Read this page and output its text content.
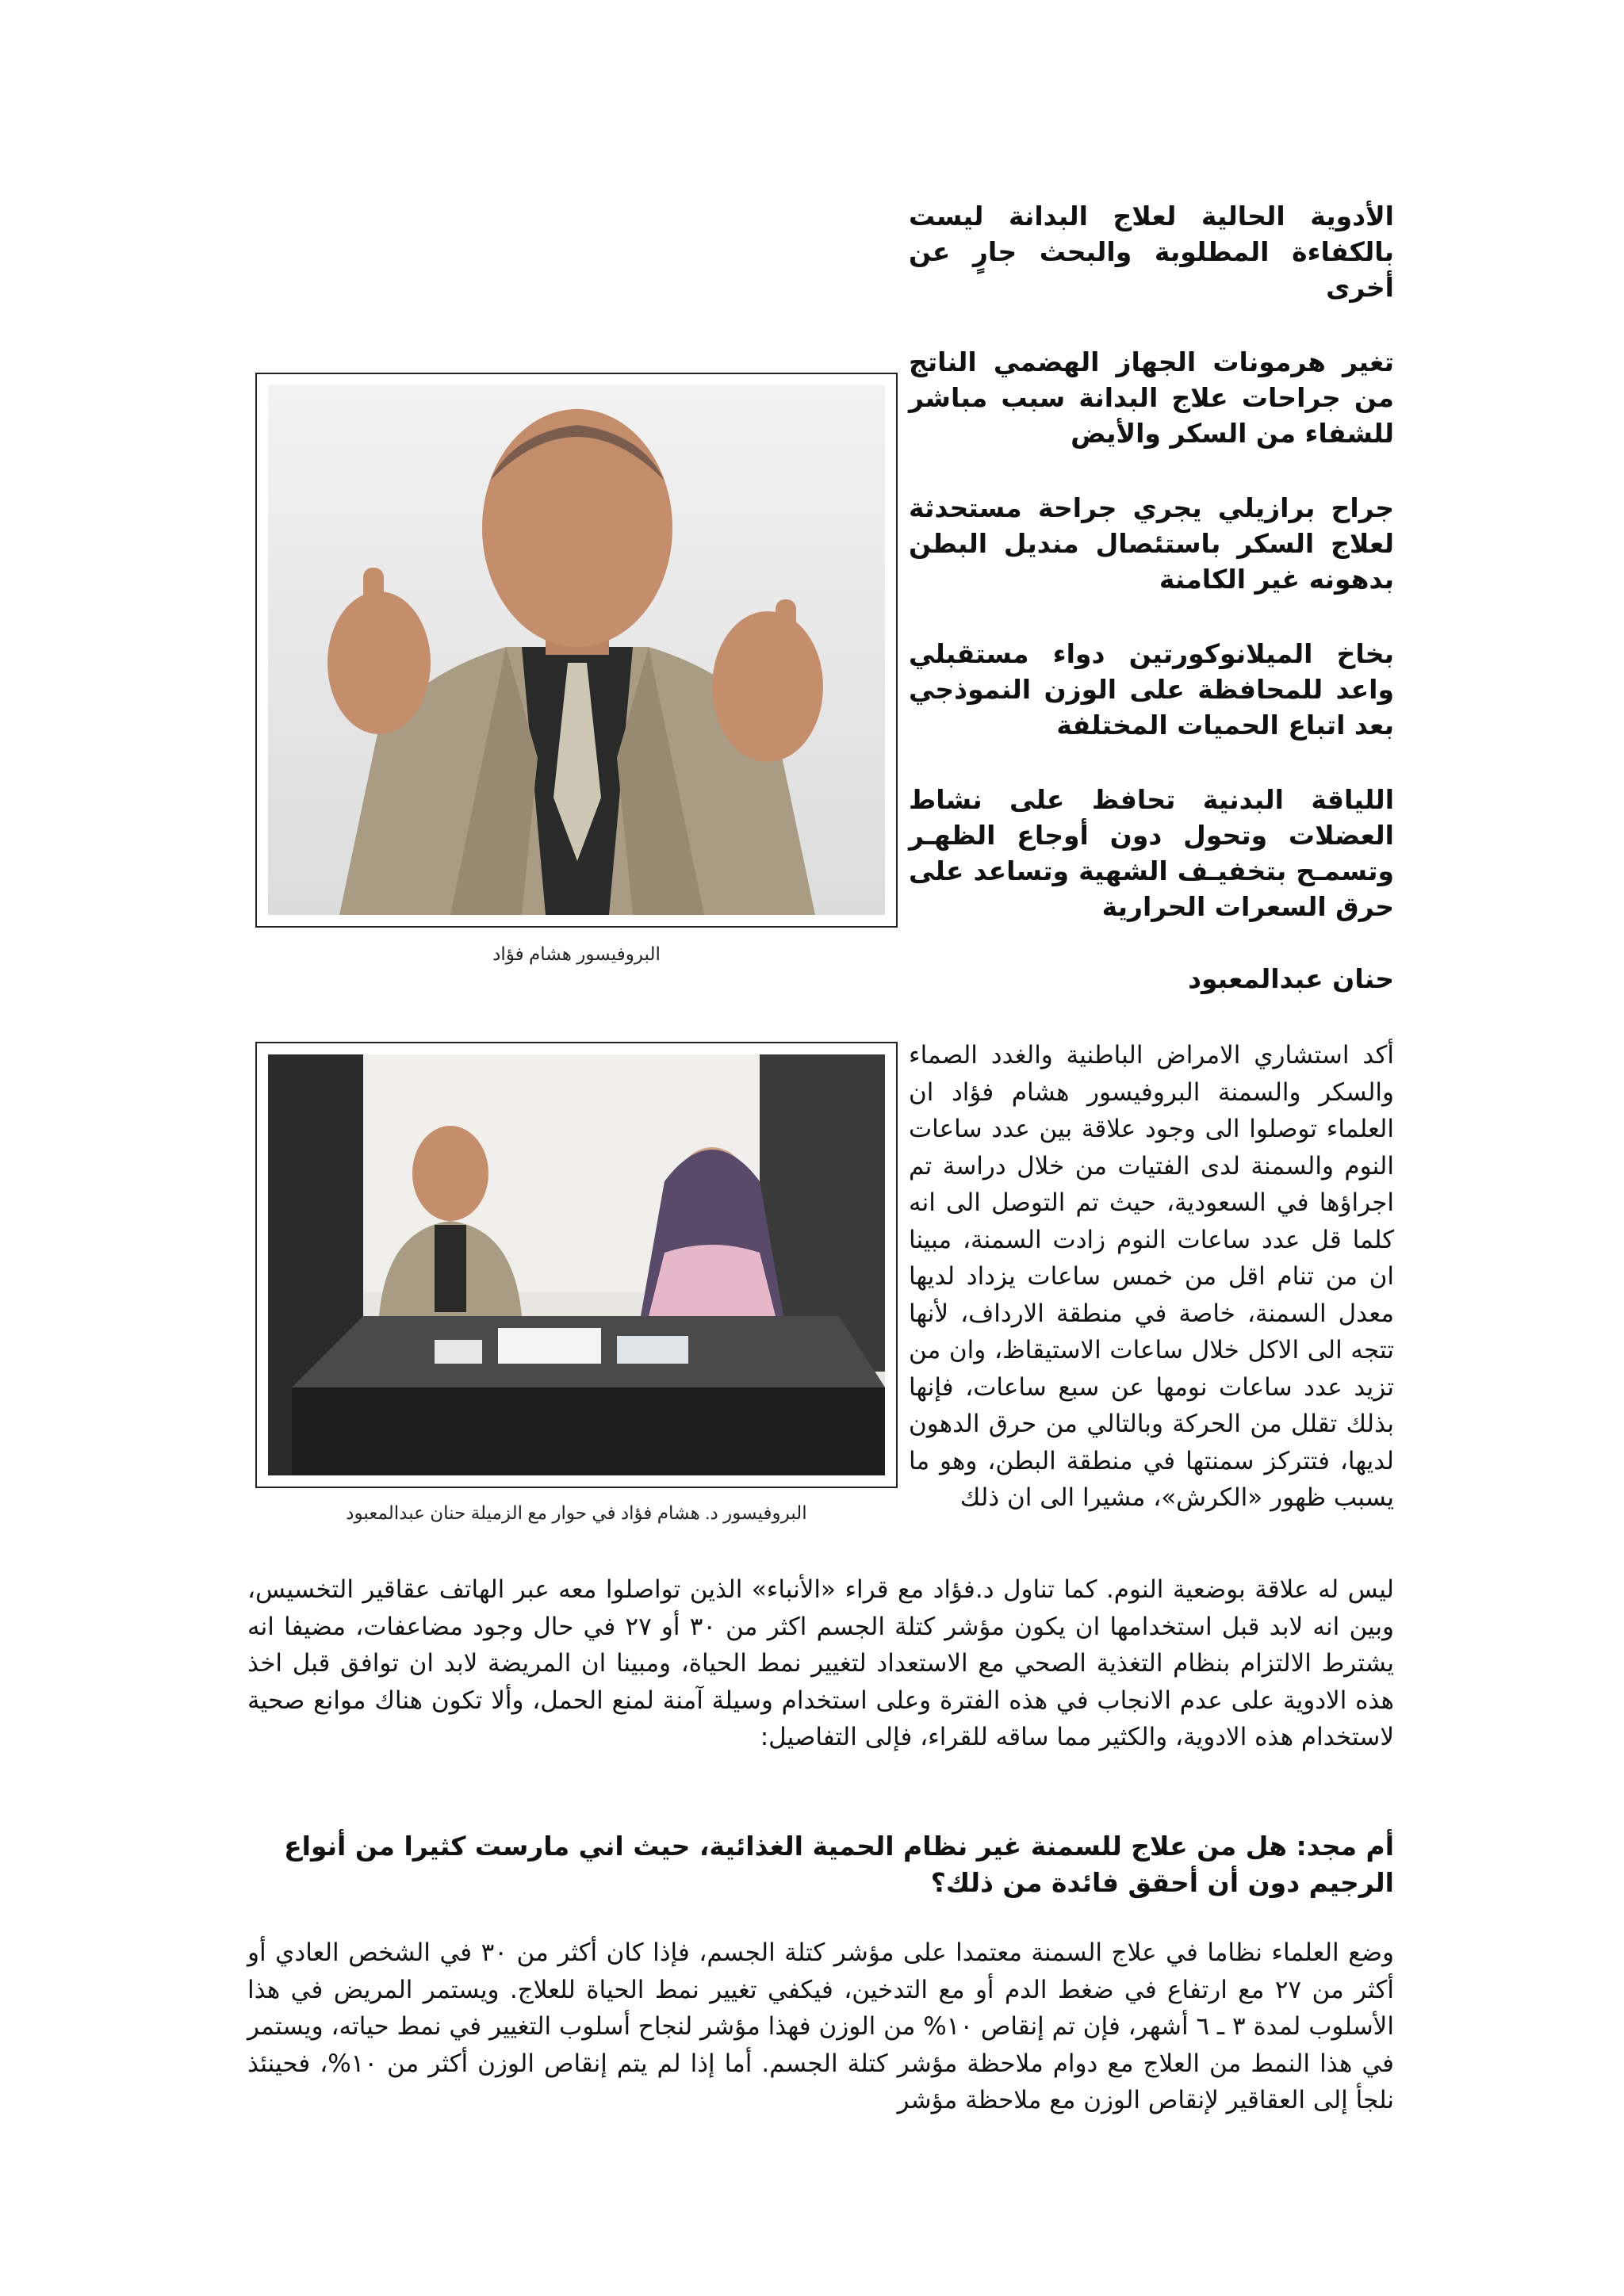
الأدوية الحالية لعلاج البدانة ليست بالكفاءة المطلوبة والبحث جارٍ عن أخرى

تغير هرمونات الجهاز الهضمي الناتج من جراحات علاج البدانة سبب مباشر للشفاء من السكر والأيض

جراح برازيلي يجري جراحة مستحدثة لعلاج السكر باستئصال منديل البطن بدهونه غير الكامنة

بخاخ الميلانوكورتين دواء مستقبلي واعد للمحافظة على الوزن النموذجي بعد اتباع الحميات المختلفة

اللياقة البدنية تحافظ على نشاط العضلات وتحول دون أوجاع الظهـر وتسمـح بتخفيـف الشهية وتساعد على حرق السعرات الحرارية

حنان عبدالمعبود
البروفيسور هشام فؤاد
البروفيسور د. هشام فؤاد في حوار مع الزميلة حنان عبدالمعبود
أكد استشاري الامراض الباطنية والغدد الصماء والسكر والسمنة البروفيسور هشام فؤاد ان العلماء توصلوا الى وجود علاقة بين عدد ساعات النوم والسمنة لدى الفتيات من خلال دراسة تم اجراؤها في السعودية، حيث تم التوصل الى انه كلما قل عدد ساعات النوم زادت السمنة، مبينا ان من تنام اقل من خمس ساعات يزداد لديها معدل السمنة، خاصة في منطقة الارداف، لأنها تتجه الى الاكل خلال ساعات الاستيقاظ، وان من تزيد عدد ساعات نومها عن سبع ساعات، فإنها بذلك تقلل من الحركة وبالتالي من حرق الدهون لديها، فتتركز سمنتها في منطقة البطن، وهو ما يسبب ظهور «الكرش»، مشيرا الى ان ذلك
ليس له علاقة بوضعية النوم. كما تناول د.فؤاد مع قراء «الأنباء» الذين تواصلوا معه عبر الهاتف عقاقير التخسيس، وبين انه لابد قبل استخدامها ان يكون مؤشر كتلة الجسم اكثر من ٣٠ أو ٢٧ في حال وجود مضاعفات، مضيفا انه يشترط الالتزام بنظام التغذية الصحي مع الاستعداد لتغيير نمط الحياة، ومبينا ان المريضة لابد ان توافق قبل اخذ هذه الادوية على عدم الانجاب في هذه الفترة وعلى استخدام وسيلة آمنة لمنع الحمل، وألا تكون هناك موانع صحية لاستخدام هذه الادوية، والكثير مما ساقه للقراء، فإلى التفاصيل:
أم مجد: هل من علاج للسمنة غير نظام الحمية الغذائية، حيث اني مارست كثيرا من أنواع الرجيم دون أن أحقق فائدة من ذلك؟
وضع العلماء نظاما في علاج السمنة معتمدا على مؤشر كتلة الجسم، فإذا كان أكثر من ٣٠ في الشخص العادي أو أكثر من ٢٧ مع ارتفاع في ضغط الدم أو مع التدخين، فيكفي تغيير نمط الحياة للعلاج. ويستمر المريض في هذا الأسلوب لمدة ٣ ـ ٦ أشهر، فإن تم إنقاص ١٠% من الوزن فهذا مؤشر لنجاح أسلوب التغيير في نمط حياته، ويستمر في هذا النمط من العلاج مع دوام ملاحظة مؤشر كتلة الجسم. أما إذا لم يتم إنقاص الوزن أكثر من ١٠%، فحينئذ نلجأ إلى العقاقير لإنقاص الوزن مع ملاحظة مؤشر
